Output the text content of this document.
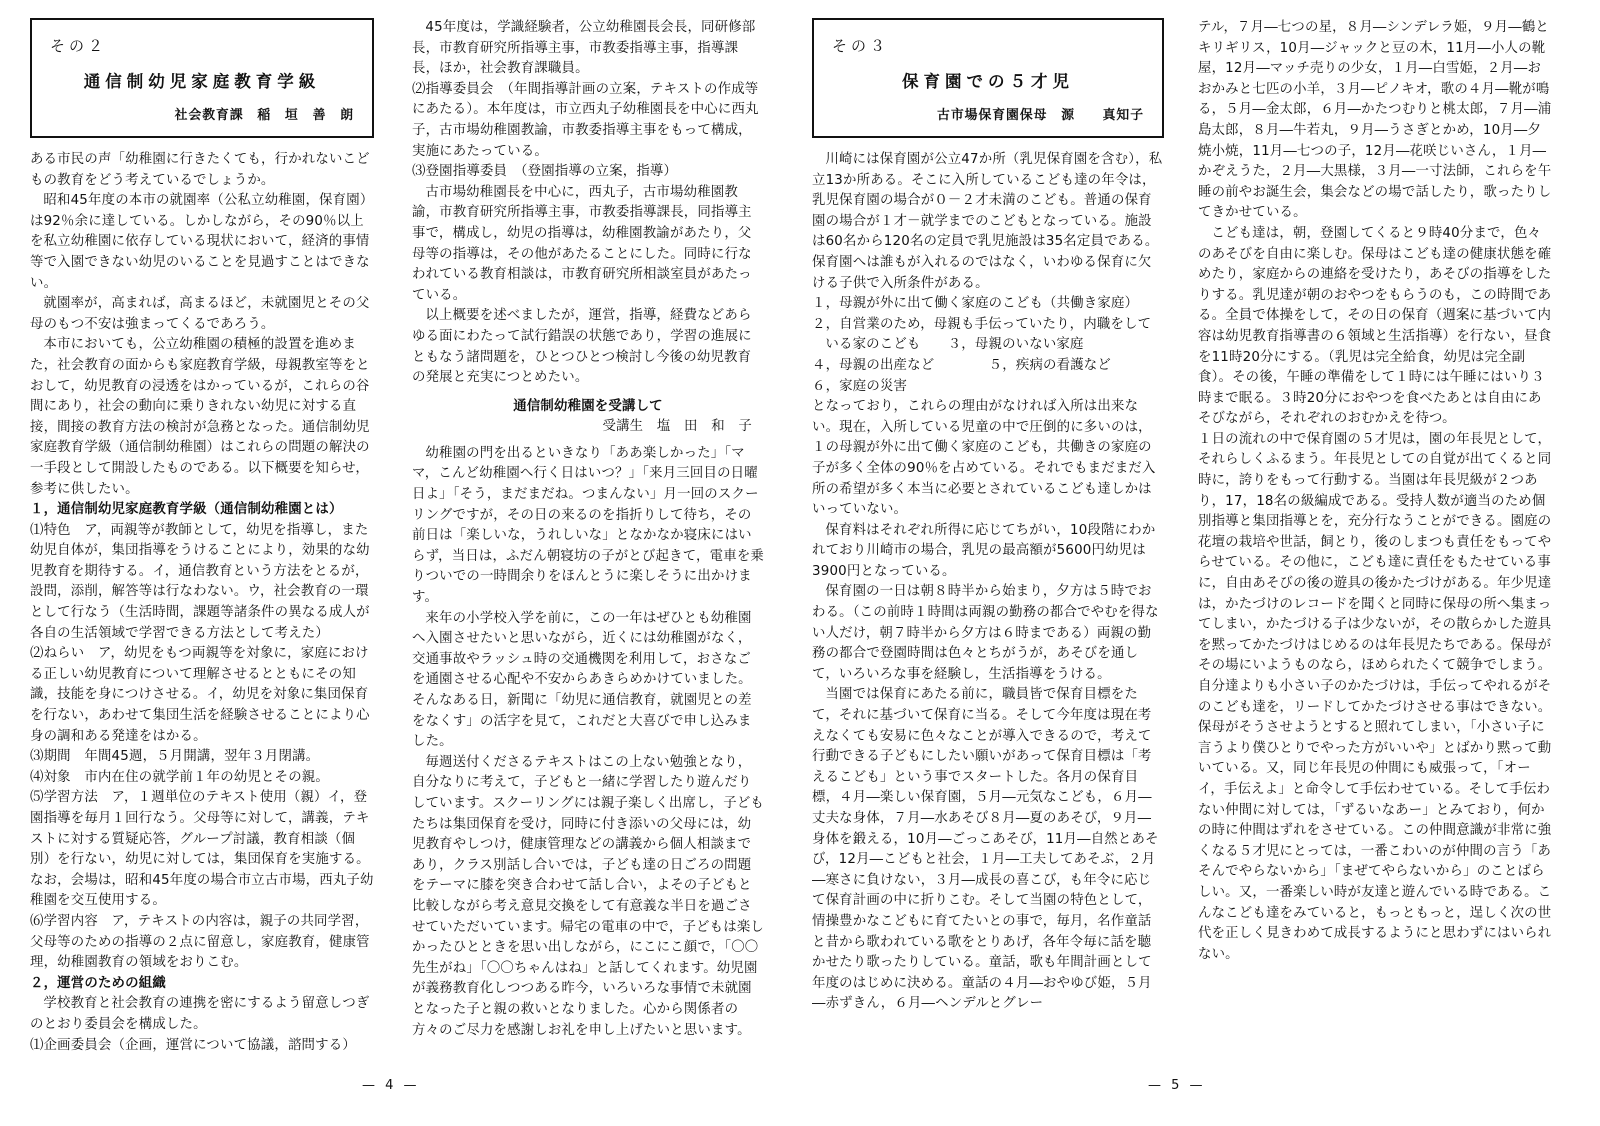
その２
通信制幼児家庭教育学級
社会教育課　稲　垣　善　朗

ある市民の声「幼稚園に行きたくても，行かれないこどもの教育をどう考えているでしょうか。

昭和45年度の本市の就園率（公私立幼稚園，保育園）は92％余に達している。しかしながら，その90％以上を私立幼稚園に依存している現状において，経済的事情等で入園できない幼児のいることを見過すことはできない。

就園率が，高まれば，高まるほど，未就園児とその父母のもつ不安は強まってくるであろう。

本市においても，公立幼稚園の積極的設置を進めまた，社会教育の面からも家庭教育学級，母親教室等をとおして，幼児教育の浸透をはかっているが，これらの谷間にあり，社会の動向に乗りきれない幼児に対する直接，間接の教育方法の検討が急務となった。通信制幼児家庭教育学級（通信制幼稚園）はこれらの問題の解決の一手段として開設したものである。以下概要を知らせ，参考に供したい。

１，通信制幼児家庭教育学級（通信制幼稚園とは）

⑴特色　ア，両親等が教師として，幼児を指導し，また幼児自体が，集団指導をうけることにより，効果的な幼児教育を期待する。イ，通信教育という方法をとるが，設問，添削，解答等は行なわない。ウ，社会教育の一環として行なう（生活時間，課題等諸条件の異なる成人が各自の生活領域で学習できる方法として考えた）

⑵ねらい　ア，幼児をもつ両親等を対象に，家庭における正しい幼児教育について理解させるとともにその知識，技能を身につけさせる。イ，幼児を対象に集団保育を行ない，あわせて集団生活を経験させることにより心身の調和ある発達をはかる。

⑶期間　年間45週，５月開講，翌年３月閉講。

⑷対象　市内在住の就学前１年の幼児とその親。

⑸学習方法　ア，１週単位のテキスト使用（親）イ，登園指導を毎月１回行なう。父母等に対して，講義，テキストに対する質疑応答，グループ討議，教育相談（個別）を行ない，幼児に対しては，集団保育を実施する。なお，会場は，昭和45年度の場合市立古市場，西丸子幼稚園を交互使用する。

⑹学習内容　ア，テキストの内容は，親子の共同学習，父母等のための指導の２点に留意し，家庭教育，健康管理，幼稚園教育の領域をおりこむ。

２，運営のための組織

学校教育と社会教育の連携を密にするよう留意しつぎのとおり委員会を構成した。

⑴企画委員会（企画，運営について協議，諮問する）

45年度は，学識経験者，公立幼稚園長会長，同研修部長，市教育研究所指導主事，市教委指導主事，指導課長，ほか，社会教育課職員。

⑵指導委員会　（年間指導計画の立案，テキストの作成等にあたる）。本年度は，市立西丸子幼稚園長を中心に西丸子，古市場幼稚園教諭，市教委指導主事をもって構成，実施にあたっている。

⑶登園指導委員　（登園指導の立案，指導）

古市場幼稚園長を中心に，西丸子，古市場幼稚園教諭，市教育研究所指導主事，市教委指導課長，同指導主事で，構成し，幼児の指導は，幼稚園教諭があたり，父母等の指導は，その他があたることにした。同時に行なわれている教育相談は，市教育研究所相談室員があたっている。

以上概要を述べましたが，運営，指導，経費などあらゆる面にわたって試行錯誤の状態であり，学習の進展にともなう諸問題を，ひとつひとつ検討し今後の幼児教育の発展と充実につとめたい。

通信制幼稚園を受講して

受講生　塩　田　和　子

幼稚園の門を出るといきなり「ああ楽しかった」「ママ，こんど幼稚園へ行く日はいつ？」「来月三回目の日曜日よ」「そう，まだまだね。つまんない」月一回のスクーリングですが，その日の来るのを指折りして待ち，その前日は「楽しいな，うれしいな」となかなか寝床にはいらず，当日は，ふだん朝寝坊の子がとび起きて，電車を乗りついでの一時間余りをほんとうに楽しそうに出かけます。

来年の小学校入学を前に，この一年はぜひとも幼稚園へ入園させたいと思いながら，近くには幼稚園がなく，交通事故やラッシュ時の交通機関を利用して，おさなごを通園させる心配や不安からあきらめかけていました。そんなある日，新聞に「幼児に通信教育，就園児との差をなくす」の活字を見て，これだと大喜びで申し込みました。

毎週送付くださるテキストはこの上ない勉強となり，自分なりに考えて，子どもと一緒に学習したり遊んだりしています。スクーリングには親子楽しく出席し，子どもたちは集団保育を受け，同時に付き添いの父母には，幼児教育やしつけ，健康管理などの講義から個人相談まであり，クラス別話し合いでは，子ども達の日ごろの問題をテーマに膝を突き合わせて話し合い，よその子どもと比較しながら考え意見交換をして有意義な半日を過ごさせていただいています。帰宅の電車の中で，子どもは楽しかったひとときを思い出しながら，にこにこ顔で，「〇〇先生がね」「〇〇ちゃんはね」と話してくれます。幼児園が義務教育化しつつある昨今，いろいろな事情で未就園となった子と親の救いとなりました。心から関係者の方々のご尽力を感謝しお礼を申し上げたいと思います。

— 4 —
その３
保育園での５才児
古市場保育園保母　源　　真知子

川崎には保育園が公立47か所（乳児保育園を含む），私立13か所ある。そこに入所しているこども達の年令は，乳児保育園の場合が０－２才未満のこども。普通の保育園の場合が１才－就学までのこどもとなっている。施設は60名から120名の定員で乳児施設は35名定員である。保育園へは誰もが入れるのではなく，いわゆる保育に欠ける子供で入所条件がある。

１，母親が外に出て働く家庭のこども（共働き家庭）

２，自営業のため，母親も手伝っていたり，内職をしている家のこども　　３，母親のいない家庭

４，母親の出産など　　　　５，疾病の看護など

６，家庭の災害

となっており，これらの理由がなければ入所は出来ない。現在，入所している児童の中で圧倒的に多いのは，１の母親が外に出て働く家庭のこども，共働きの家庭の子が多く全体の90％を占めている。それでもまだまだ入所の希望が多く本当に必要とされているこども達しかはいっていない。

保育料はそれぞれ所得に応じてちがい，10段階にわかれており川崎市の場合，乳児の最高額が5600円幼児は3900円となっている。

保育園の一日は朝８時半から始まり，夕方は５時でおわる。（この前時１時間は両親の勤務の都合でやむを得ない人だけ，朝７時半から夕方は６時まである）両親の勤務の都合で登園時間は色々とちがうが，あそびを通して，いろいろな事を経験し，生活指導をうける。

当園では保育にあたる前に，職員皆で保育目標をたて，それに基づいて保育に当る。そして今年度は現在考えなくても安易に色々なことが導入できるので，考えて行動できる子どもにしたい願いがあって保育目標は「考えるこども」という事でスタートした。各月の保育目標，４月―楽しい保育園，５月―元気なこども，６月―丈夫な身体，７月―水あそび８月―夏のあそび，９月―身体を鍛える，10月―ごっこあそび，11月―自然とあそび，12月―こどもと社会，１月―工夫してあそぶ，２月―寒さに負けない，３月―成長の喜こび，も年令に応じて保育計画の中に折りこむ。そして当園の特色として，情操豊かなこどもに育てたいとの事で，毎月，名作童話と昔から歌われている歌をとりあげ，各年令毎に話を聴かせたり歌ったりしている。童話，歌も年間計画として年度のはじめに決める。童話の４月―おやゆび姫，５月―赤ずきん，６月―ヘンデルとグレー

テル，７月―七つの星，８月―シンデレラ姫，９月―鶴とキリギリス，10月―ジャックと豆の木，11月―小人の靴屋，12月―マッチ売りの少女，１月―白雪姫，２月―おおかみと七匹の小羊，３月―ピノキオ，歌の４月―靴が鳴る，５月―金太郎，６月―かたつむりと桃太郎，７月―浦島太郎，８月―牛若丸，９月―うさぎとかめ，10月―夕焼小焼，11月―七つの子，12月―花咲じいさん，１月―かぞえうた，２月―大黒様，３月―一寸法師，これらを午睡の前やお誕生会，集会などの場で話したり，歌ったりしてきかせている。

こども達は，朝，登園してくると９時40分まで，色々のあそびを自由に楽しむ。保母はこども達の健康状態を確めたり，家庭からの連絡を受けたり，あそびの指導をしたりする。乳児達が朝のおやつをもらうのも，この時間である。全員で体操をして，その日の保育（週案に基づいて内容は幼児教育指導書の６領域と生活指導）を行ない，昼食を11時20分にする。（乳児は完全給食，幼児は完全副食）。その後，午睡の準備をして１時には午睡にはいり３時まで眠る。３時20分におやつを食べたあとは自由にあそびながら，それぞれのおむかえを待つ。

１日の流れの中で保育園の５才児は，園の年長児として，それらしくふるまう。年長児としての自覚が出てくると同時に，誇りをもって行動する。当園は年長児級が２つあり，17，18名の級編成である。受持人数が適当のため個別指導と集団指導とを，充分行なうことができる。園庭の花壇の栽培や世話，飼とり，後のしまつも責任をもってやらせている。その他に，こども達に責任をもたせている事に，自由あそびの後の遊具の後かたづけがある。年少児達は，かたづけのレコードを聞くと同時に保母の所へ集まってしまい，かたづける子は少ないが，その散らかした遊具を黙ってかたづけはじめるのは年長児たちである。保母がその場にいようものなら，ほめられたくて競争でしまう。自分達よりも小さい子のかたづけは，手伝ってやれるがそのこども達を，リードしてかたづけさせる事はできない。保母がそうさせようとすると照れてしまい，「小さい子に言うより僕ひとりでやった方がいいや」とばかり黙って動いている。又，同じ年長児の仲間にも威張って，「オーイ，手伝えよ」と命令して手伝わせている。そして手伝わない仲間に対しては，「ずるいなあー」とみており，何かの時に仲間はずれをさせている。この仲間意識が非常に強くなる５才児にとっては，一番こわいのが仲間の言う「あそんでやらないから」「まぜてやらないから」のことばらしい。又，一番楽しい時が友達と遊んでいる時である。こんなこども達をみていると，もっともっと，逞しく次の世代を正しく見きわめて成長するようにと思わずにはいられない。

— 5 —
